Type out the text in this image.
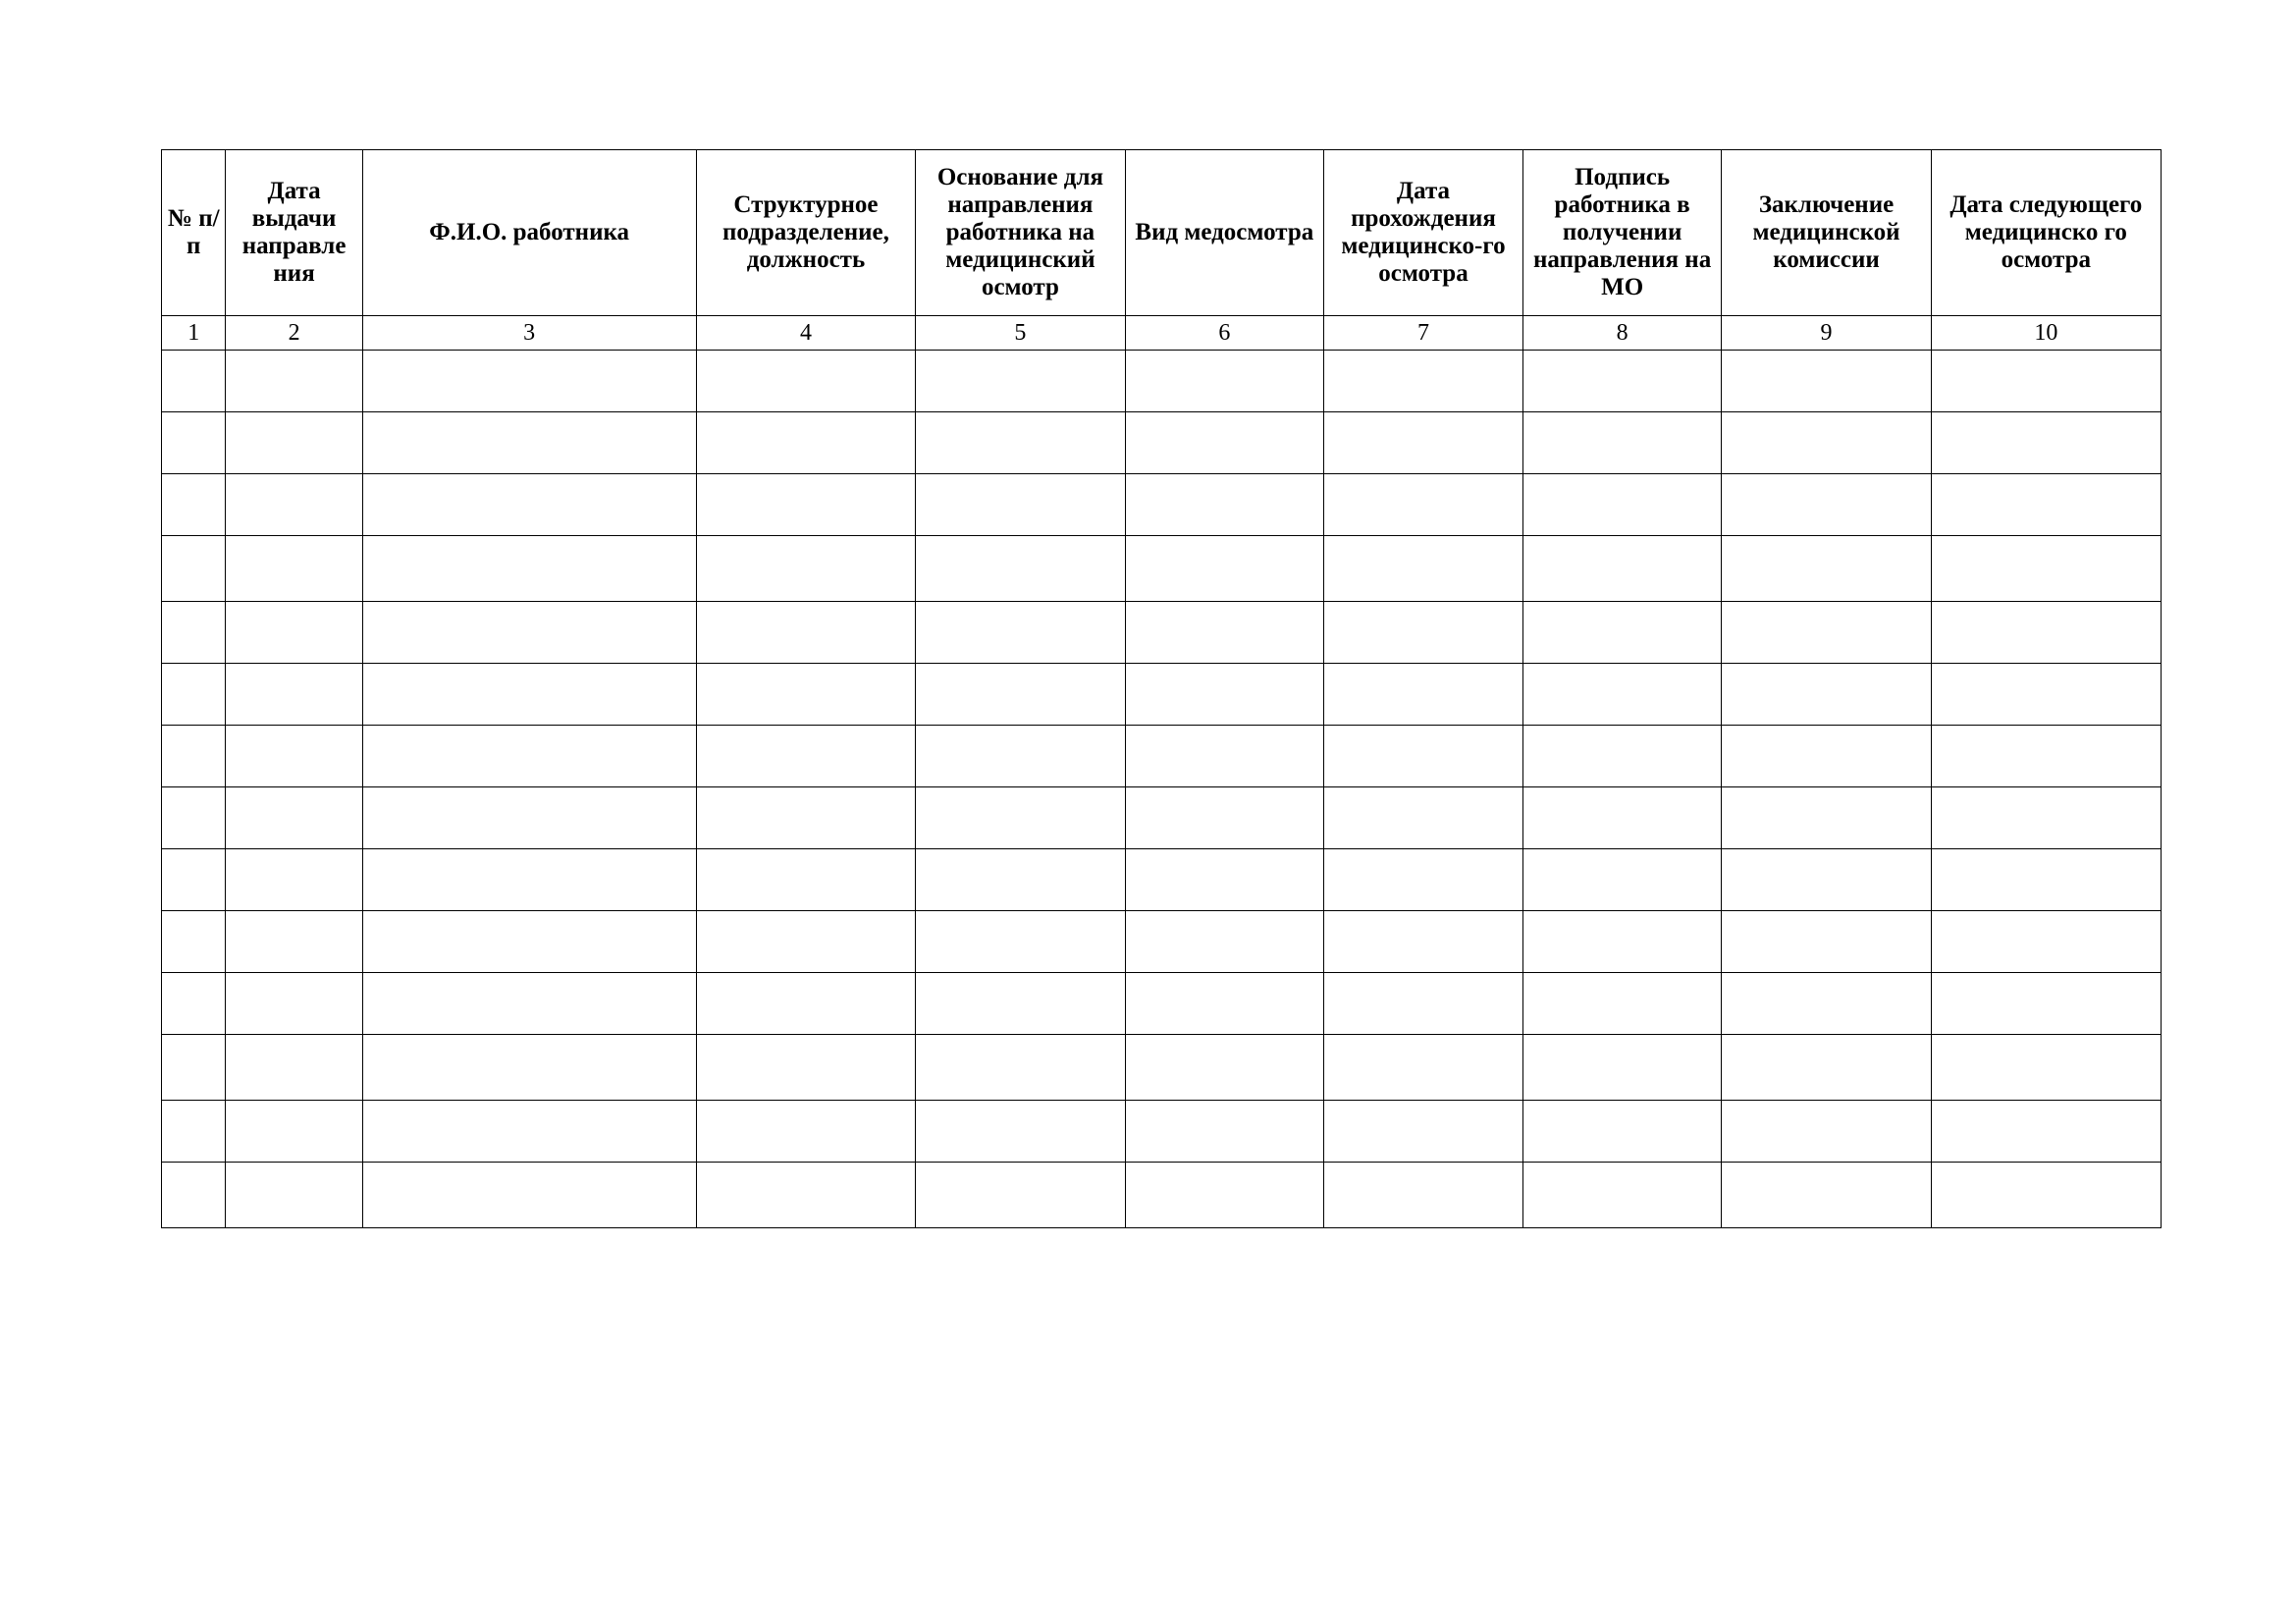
№ п/п	Дата выдачи направле ния	Ф.И.О. работника	Структурное подразделение, должность	Основание для направления работника на медицинский осмотр	Вид медосмотра	Дата прохождения медицинско-го осмотра	Подпись работника в получении направления на МО	Заключение медицинской комиссии	Дата следующего медицинско го осмотра
1	2	3	4	5	6	7	8	9	10
